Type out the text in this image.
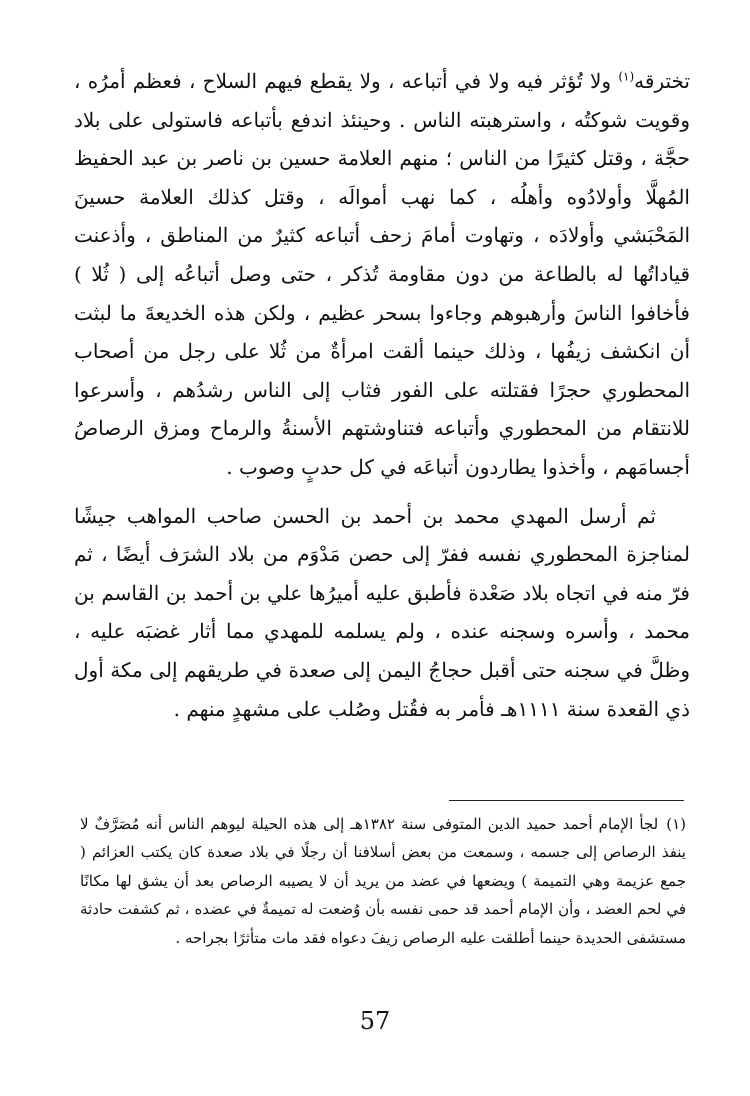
تخترقه$^{(١)}$ ولا تُؤثر فيه ولا في أتباعه ، ولا يقطع فيهم السلاح ، فعظم أمرُه ، وقويت شوكتُه ، واسترهبته الناس . وحينئذ اندفع بأتباعه فاستولى على بلاد حجَّة ، وقتل كثيرًا من الناس ؛ منهم العلامة حسين بن ناصر بن عبد الحفيظ المُهلَّا وأولادُوه وأهلُه ، كما نهب أموالَه ، وقتل كذلك العلامة حسينَ المَحْبَشي وأولادَه ، وتهاوت أمامَ زحف أتباعه كثيرٌ من المناطق ، وأذعنت قياداتُها له بالطاعة من دون مقاومة تُذكر ، حتى وصل أتباعُه إلى ( ثُلا ) فأخافوا الناسَ وأرهبوهم وجاءوا بسحر عظيم ، ولكن هذه الخديعةَ ما لبثت أن انكشف زيفُها ، وذلك حينما ألقت امرأةٌ من ثُلا على رجل من أصحاب المحطوري حجرًا فقتلته على الفور فثاب إلى الناس رشدُهم ، وأسرعوا للانتقام من المحطوري وأتباعه فتناوشتهم الأسنةُ والرماح ومزق الرصاصُ أجسامَهم ، وأخذوا يطاردون أتباعَه في كل حدبٍ وصوب .

ثم أرسل المهدي محمد بن أحمد بن الحسن صاحب المواهب جيشًا لمناجزة المحطوري نفسه ففرّ إلى حصن مَدْوَم من بلاد الشرَف أيضًا ، ثم فرّ منه في اتجاه بلاد صَعْدة فأطبق عليه أميرُها علي بن أحمد بن القاسم بن محمد ، وأسره وسجنه عنده ، ولم يسلمه للمهدي مما أثار غضبَه عليه ، وظلَّ في سجنه حتى أقبل حجاجُ اليمن إلى صعدة في طريقهم إلى مكة أول ذي القعدة سنة ١١١١هـ فأمر به فقُتل وصُلب على مشهدٍ منهم .

(١)لجأ الإمام أحمد حميد الدين المتوفى سنة ١٣٨٢هـ إلى هذه الحيلة ليوهم الناس أنه مُصَرَّفٌ لا ينفذ الرصاص إلى جسمه ، وسمعت من بعض أسلافنا أن رجلًا في بلاد صعدة كان يكتب العزائم ( جمع عزيمة وهي التميمة ) ويضعها في عضد من يريد أن لا يصيبه الرصاص بعد أن يشق لها مكانًا في لحم العضد ، وأن الإمام أحمد قد حمى نفسه بأن وُضعت له تميمةٌ في عضده ، ثم كشفت حادثة مستشفى الحديدة حينما أطلقت عليه الرصاص زيفَ دعواه فقد مات متأثرًا بجراحه .

57
